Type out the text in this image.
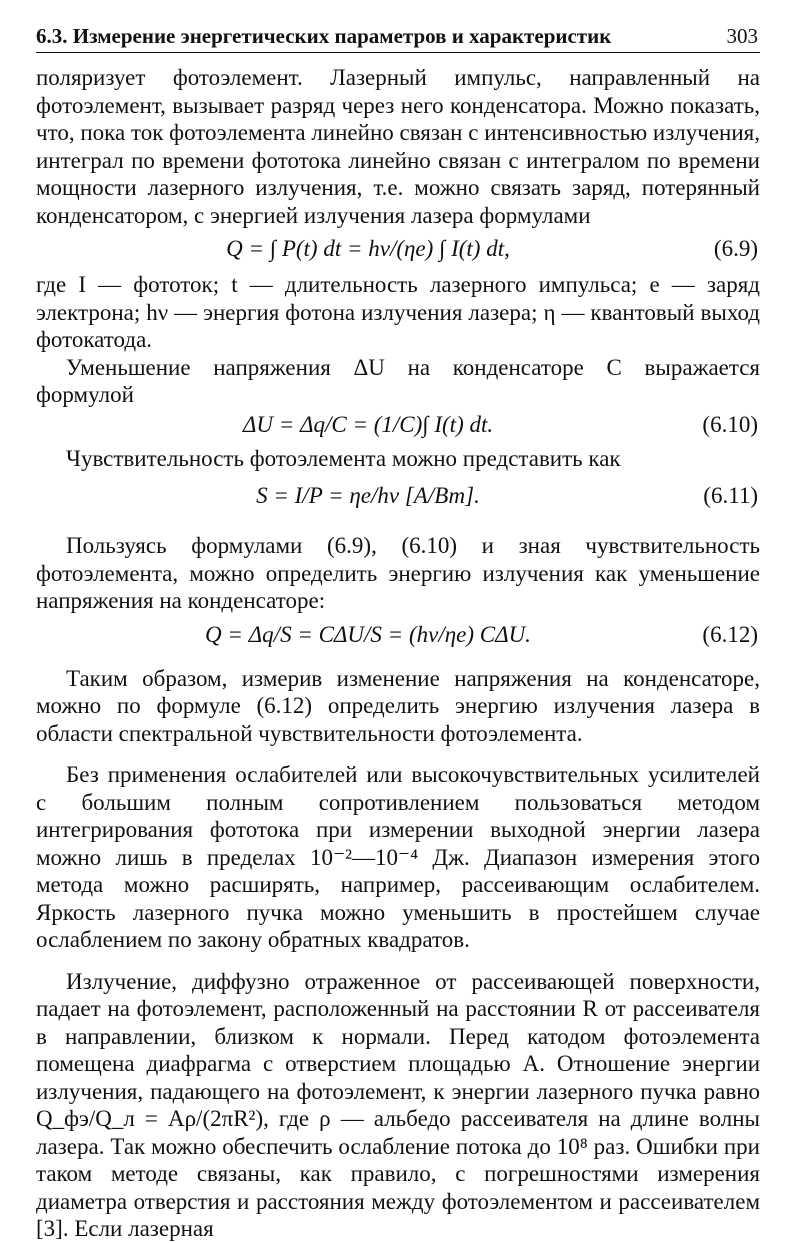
6.3. Измерение энергетических параметров и характеристик	303

поляризует фотоэлемент. Лазерный импульс, направленный на фотоэлемент, вызывает разряд через него конденсатора. Можно показать, что, пока ток фотоэлемента линейно связан с интенсивностью излучения, интеграл по времени фототока линейно связан с интегралом по времени мощности лазерного излучения, т.е. можно связать заряд, потерянный конденсатором, с энергией излучения лазера формулами

Q = ∫ P(t) dt = hν/(ηe) ∫ I(t) dt,	(6.9)

где I — фототок; t — длительность лазерного импульса; e — заряд электрона; hν — энергия фотона излучения лазера; η — квантовый выход фотокатода.

Уменьшение напряжения ΔU на конденсаторе C выражается формулой

ΔU = Δq/C = (1/C)∫ I(t) dt.	(6.10)

Чувствительность фотоэлемента можно представить как

S = I/P = ηe/hν [А/Вт].	(6.11)

Пользуясь формулами (6.9), (6.10) и зная чувствительность фотоэлемента, можно определить энергию излучения как уменьшение напряжения на конденсаторе:

Q = Δq/S = CΔU/S = (hν/ηe) CΔU.	(6.12)

Таким образом, измерив изменение напряжения на конденсаторе, можно по формуле (6.12) определить энергию излучения лазера в области спектральной чувствительности фотоэлемента.

Без применения ослабителей или высокочувствительных усилителей с большим полным сопротивлением пользоваться методом интегрирования фототока при измерении выходной энергии лазера можно лишь в пределах 10⁻²—10⁻⁴ Дж. Диапазон измерения этого метода можно расширять, например, рассеивающим ослабителем. Яркость лазерного пучка можно уменьшить в простейшем случае ослаблением по закону обратных квадратов.

Излучение, диффузно отраженное от рассеивающей поверхности, падает на фотоэлемент, расположенный на расстоянии R от рассеивателя в направлении, близком к нормали. Перед катодом фотоэлемента помещена диафрагма с отверстием площадью A. Отношение энергии излучения, падающего на фотоэлемент, к энергии лазерного пучка равно Q_фэ/Q_л = Aρ/(2πR²), где ρ — альбедо рассеивателя на длине волны лазера. Так можно обеспечить ослабление потока до 10⁸ раз. Ошибки при таком методе связаны, как правило, с погрешностями измерения диаметра отверстия и расстояния между фотоэлементом и рассеивателем [3]. Если лазерная
